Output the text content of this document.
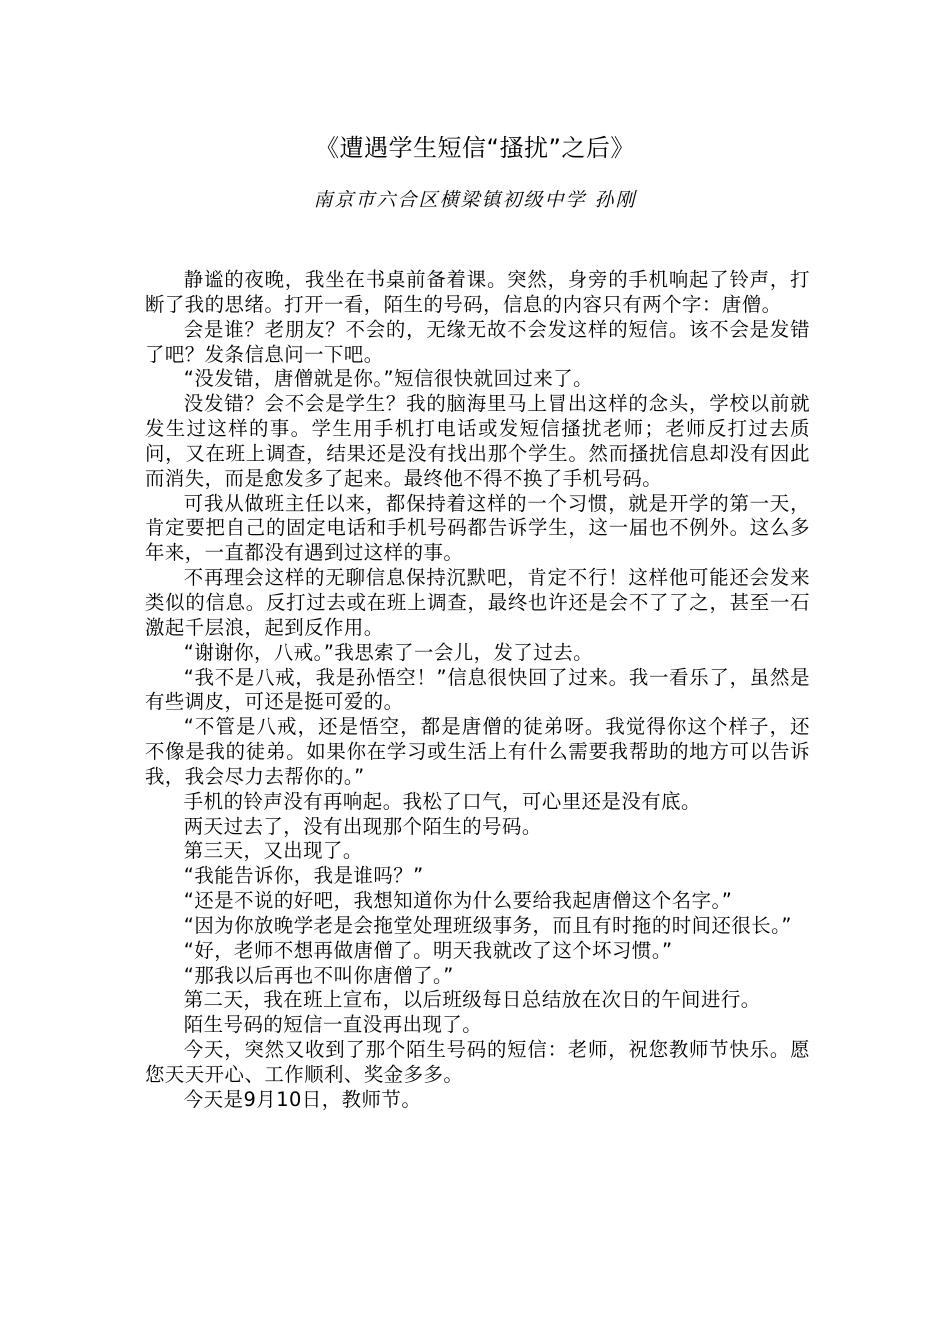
《遭遇学生短信“搔扰”之后》
南京市六合区横梁镇初级中学 孙刚

静谧的夜晚，我坐在书桌前备着课。突然，身旁的手机响起了铃声，打断了我的思绪。打开一看，陌生的号码，信息的内容只有两个字：唐僧。

会是谁？老朋友？不会的，无缘无故不会发这样的短信。该不会是发错了吧？发条信息问一下吧。

“没发错，唐僧就是你。”短信很快就回过来了。

没发错？会不会是学生？我的脑海里马上冒出这样的念头，学校以前就发生过这样的事。学生用手机打电话或发短信搔扰老师；老师反打过去质问，又在班上调查，结果还是没有找出那个学生。然而搔扰信息却没有因此而消失，而是愈发多了起来。最终他不得不换了手机号码。

可我从做班主任以来，都保持着这样的一个习惯，就是开学的第一天，肯定要把自己的固定电话和手机号码都告诉学生，这一届也不例外。这么多年来，一直都没有遇到过这样的事。

不再理会这样的无聊信息保持沉默吧，肯定不行！这样他可能还会发来类似的信息。反打过去或在班上调查，最终也许还是会不了了之，甚至一石激起千层浪，起到反作用。

“谢谢你，八戒。”我思索了一会儿，发了过去。

“我不是八戒，我是孙悟空！”信息很快回了过来。我一看乐了，虽然是有些调皮，可还是挺可爱的。

“不管是八戒，还是悟空，都是唐僧的徒弟呀。我觉得你这个样子，还不像是我的徒弟。如果你在学习或生活上有什么需要我帮助的地方可以告诉我，我会尽力去帮你的。”

手机的铃声没有再响起。我松了口气，可心里还是没有底。

两天过去了，没有出现那个陌生的号码。

第三天，又出现了。

“我能告诉你，我是谁吗？”

“还是不说的好吧，我想知道你为什么要给我起唐僧这个名字。”

“因为你放晚学老是会拖堂处理班级事务，而且有时拖的时间还很长。”

“好，老师不想再做唐僧了。明天我就改了这个坏习惯。”

“那我以后再也不叫你唐僧了。”

第二天，我在班上宣布，以后班级每日总结放在次日的午间进行。

陌生号码的短信一直没再出现了。

今天，突然又收到了那个陌生号码的短信：老师，祝您教师节快乐。愿您天天开心、工作顺利、奖金多多。

今天是9月10日，教师节。
